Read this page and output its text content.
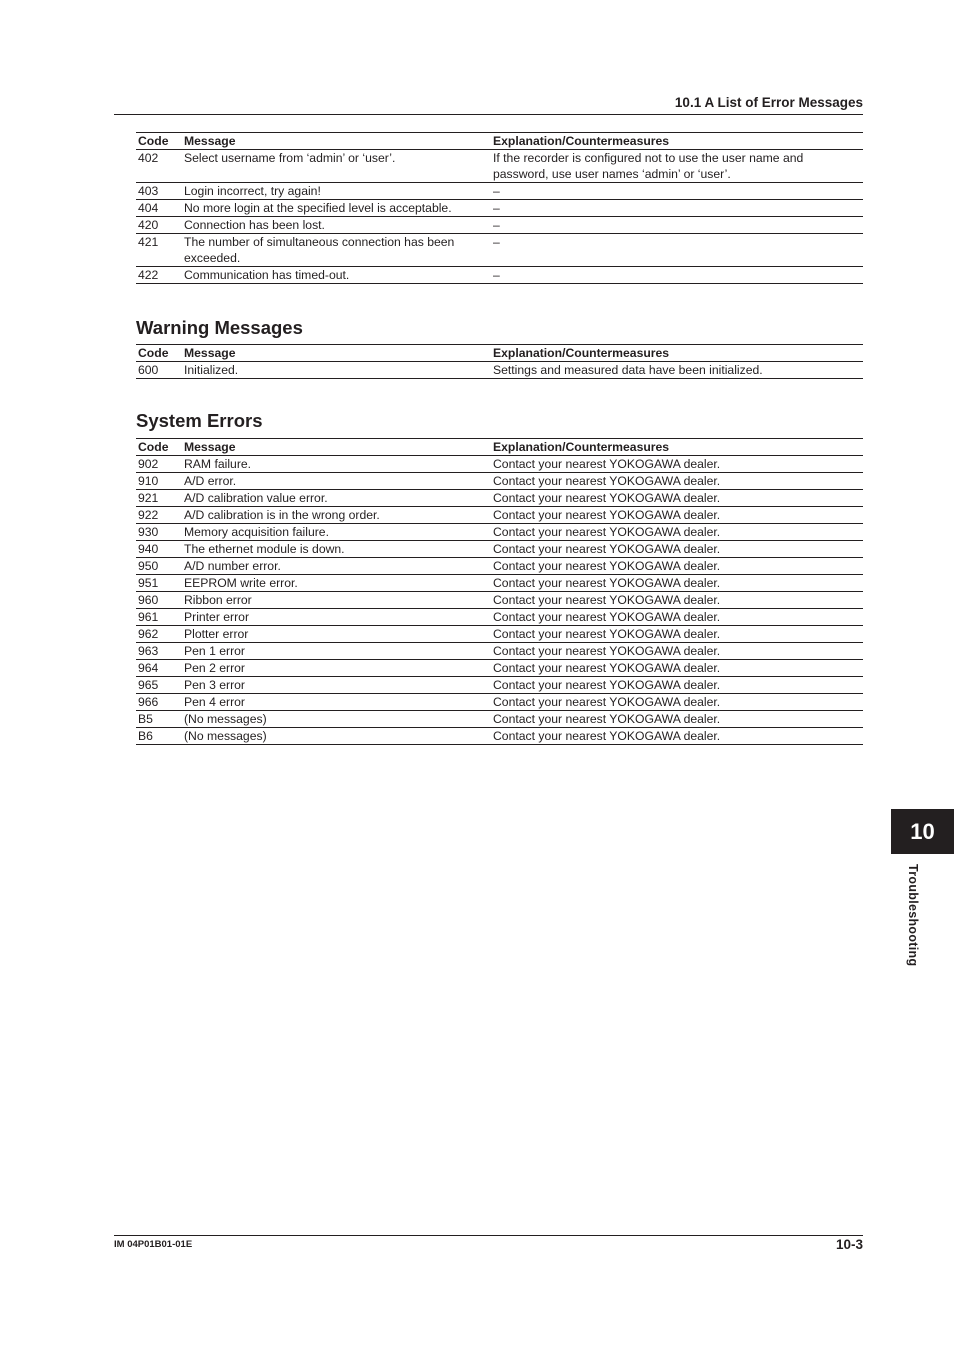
10.1 A List of Error Messages
Code	Message	Explanation/Countermeasures
402	Select username from ‘admin’ or ‘user’.	If the recorder is configured not to use the user name and password, use user names ‘admin’ or ‘user’.
403	Login incorrect, try again!	–
404	No more login at the specified level is acceptable.	–
420	Connection has been lost.	–
421	The number of simultaneous connection has been exceeded.	–
422	Communication has timed-out.	–
Warning Messages
Code	Message	Explanation/Countermeasures
600	Initialized.	Settings and measured data have been initialized.
System Errors
Code	Message	Explanation/Countermeasures
902	RAM failure.	Contact your nearest YOKOGAWA dealer.
910	A/D error.	Contact your nearest YOKOGAWA dealer.
921	A/D calibration value error.	Contact your nearest YOKOGAWA dealer.
922	A/D calibration is in the wrong order.	Contact your nearest YOKOGAWA dealer.
930	Memory acquisition failure.	Contact your nearest YOKOGAWA dealer.
940	The ethernet module is down.	Contact your nearest YOKOGAWA dealer.
950	A/D number error.	Contact your nearest YOKOGAWA dealer.
951	EEPROM write error.	Contact your nearest YOKOGAWA dealer.
960	Ribbon error	Contact your nearest YOKOGAWA dealer.
961	Printer error	Contact your nearest YOKOGAWA dealer.
962	Plotter error	Contact your nearest YOKOGAWA dealer.
963	Pen 1 error	Contact your nearest YOKOGAWA dealer.
964	Pen 2 error	Contact your nearest YOKOGAWA dealer.
965	Pen 3 error	Contact your nearest YOKOGAWA dealer.
966	Pen 4 error	Contact your nearest YOKOGAWA dealer.
B5	(No messages)	Contact your nearest YOKOGAWA dealer.
B6	(No messages)	Contact your nearest YOKOGAWA dealer.
10
Troubleshooting
IM 04P01B01-01E	10-3
